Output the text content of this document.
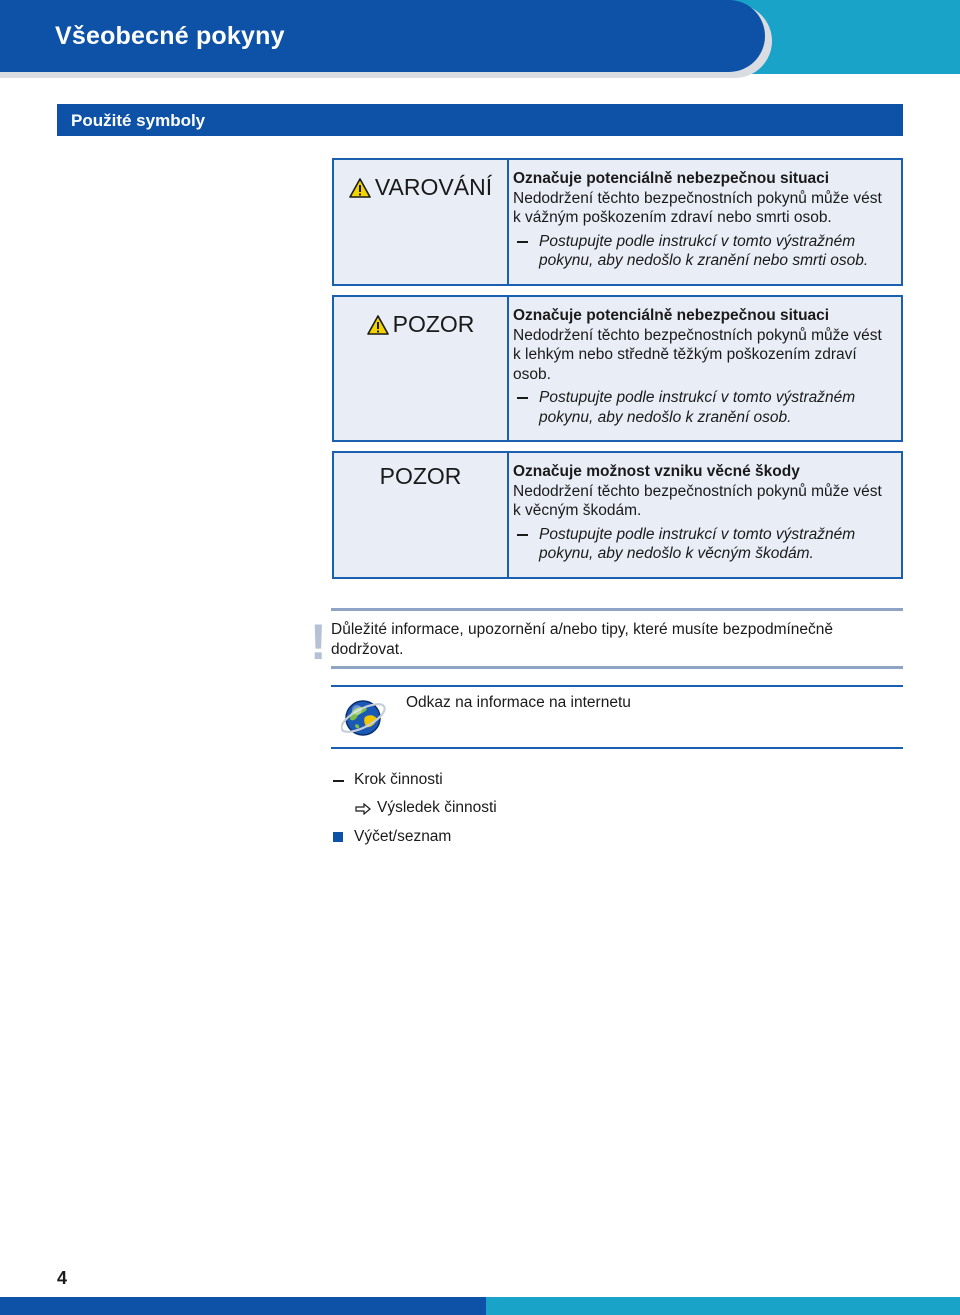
Všeobecné pokyny
Použité symboly
VAROVÁNÍ	Označuje potenciálně nebezpečnou situaci
Nedodržení těchto bezpečnostních pokynů může vést k vážným poškozením zdraví nebo smrti osob.
Postupujte podle instrukcí v tomto výstražném pokynu, aby nedošlo k zranění nebo smrti osob.
POZOR	Označuje potenciálně nebezpečnou situaci
Nedodržení těchto bezpečnostních pokynů může vést k lehkým nebo středně těžkým poškozením zdraví osob.
Postupujte podle instrukcí v tomto výstražném pokynu, aby nedošlo k zranění osob.
POZOR	Označuje možnost vzniku věcné škody
Nedodržení těchto bezpečnostních pokynů může vést k věcným škodám.
Postupujte podle instrukcí v tomto výstražném pokynu, aby nedošlo k věcným škodám.
! Důležité informace, upozornění a/nebo tipy, které musíte bezpodmínečně dodržovat.
Odkaz na informace na internetu
Krok činnosti
Výsledek činnosti
Výčet/seznam
4
